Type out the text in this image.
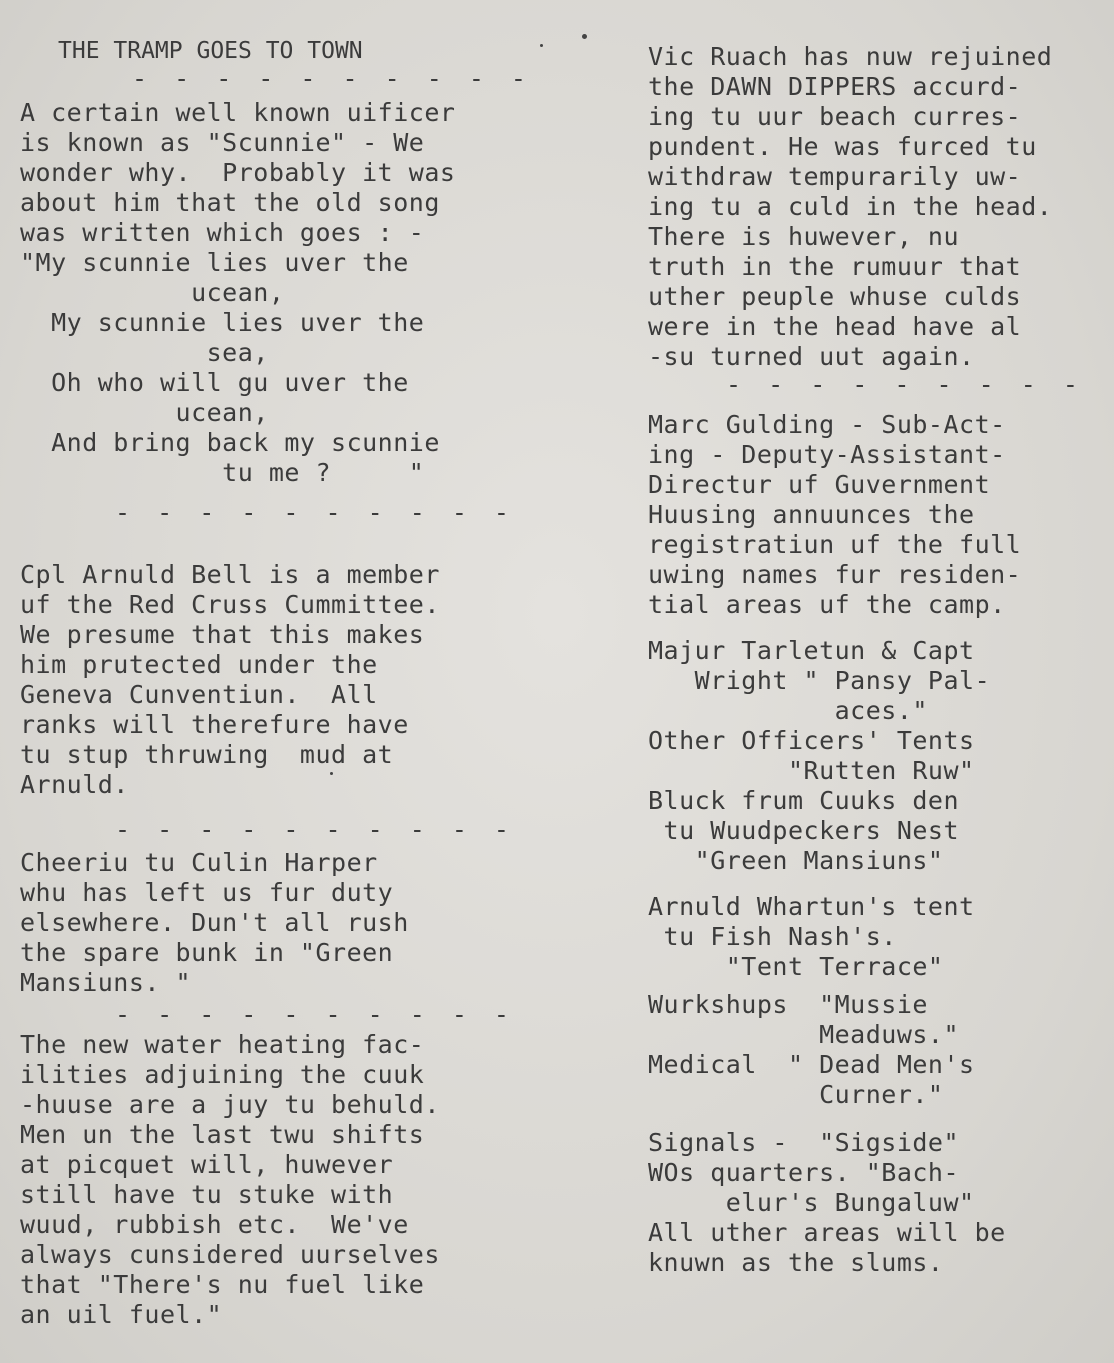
THE TRAMP GOES TO TOWN
- - - - - - - - - -
A certain well known uificer
is known as "Scunnie" - We
wonder why.  Probably it was
about him that the old song
was written which goes : -
"My scunnie lies uver the
ucean,
My scunnie lies uver the
sea,
Oh who will gu uver the
ucean,
And bring back my scunnie
tu me ?     "
- - - - - - - - - -
Cpl Arnuld Bell is a member
uf the Red Cruss Cummittee.
We presume that this makes
him prutected under the
Geneva Cunventiun.  All
ranks will therefure have
tu stup thruwing  mud at
Arnuld.
- - - - - - - - - -
Cheeriu tu Culin Harper
whu has left us fur duty
elsewhere. Dun't all rush
the spare bunk in "Green
Mansiuns. "
- - - - - - - - - -
The new water heating fac-
ilities adjuining the cuuk
-huuse are a juy tu behuld.
Men un the last twu shifts
at picquet will, huwever
still have tu stuke with
wuud, rubbish etc.  We've
always cunsidered uurselves
that "There's nu fuel like
an uil fuel."
Vic Ruach has nuw rejuined
the DAWN DIPPERS accurd-
ing tu uur beach curres-
pundent. He was furced tu
withdraw tempurarily uw-
ing tu a culd in the head.
There is huwever, nu
truth in the rumuur that
uther peuple whuse culds
were in the head have al
-su turned uut again.
- - - - - - - - -
Marc Gulding - Sub-Act-
ing - Deputy-Assistant-
Directur uf Guvernment
Huusing annuunces the
registratiun uf the full
uwing names fur residen-
tial areas uf the camp.
Majur Tarletun & Capt
Wright " Pansy Pal-
aces."
Other Officers' Tents
"Rutten Ruw"
Bluck frum Cuuks den
tu Wuudpeckers Nest
"Green Mansiuns"
Arnuld Whartun's tent
tu Fish Nash's.
"Tent Terrace"
Wurkshups  "Mussie
Meaduws."
Medical  " Dead Men's
Curner."
Signals -  "Sigside"
WOs quarters. "Bach-
elur's Bungaluw"
All uther areas will be
knuwn as the slums.
